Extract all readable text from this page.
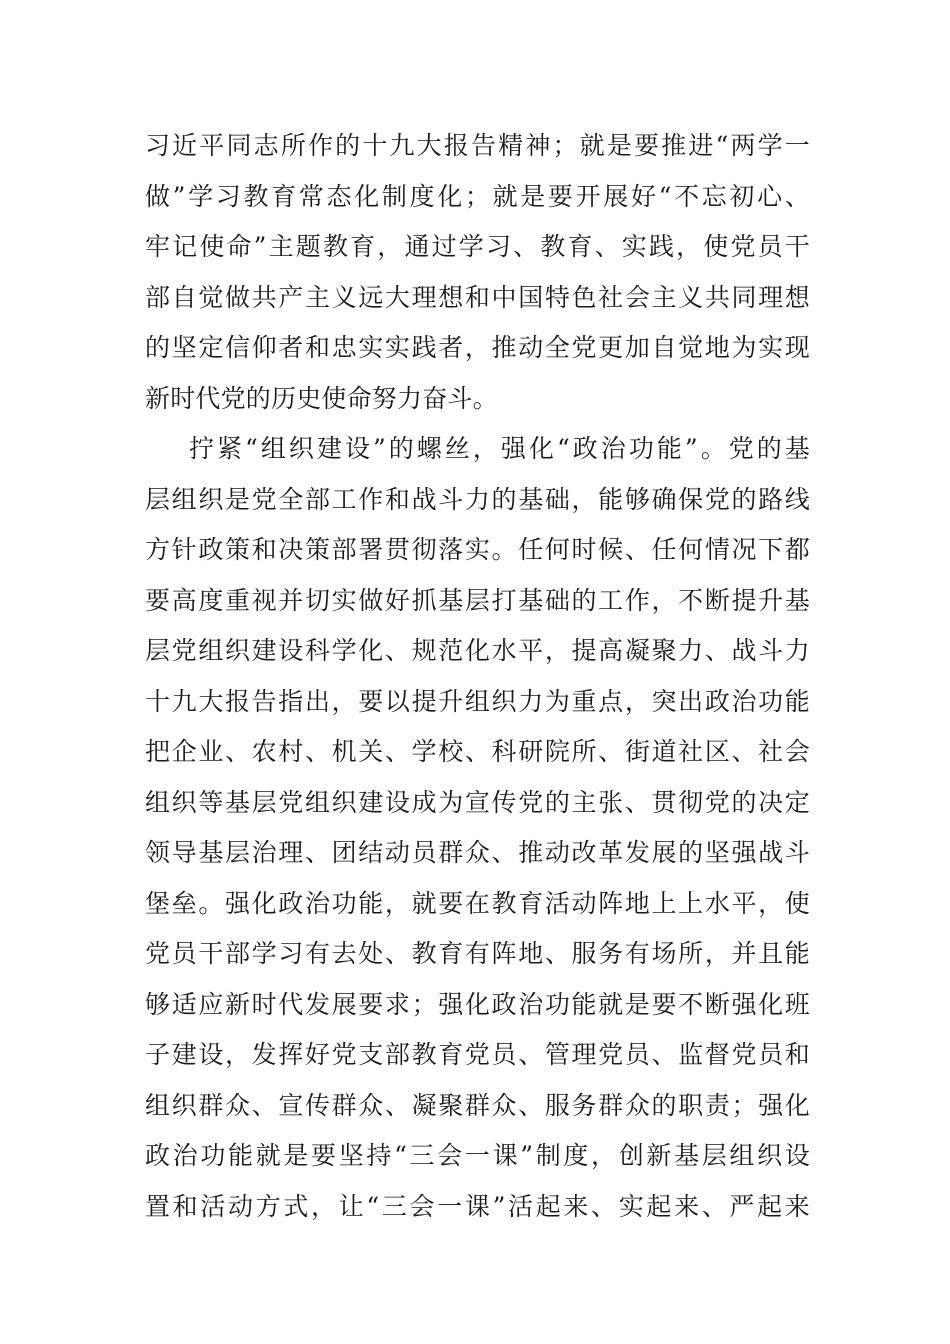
习近平同志所作的十九大报告精神；就是要推进“两学一
做”学习教育常态化制度化；就是要开展好“不忘初心、
牢记使命”主题教育，通过学习、教育、实践，使党员干
部自觉做共产主义远大理想和中国特色社会主义共同理想
的坚定信仰者和忠实实践者，推动全党更加自觉地为实现
新时代党的历史使命努力奋斗。
拧紧“组织建设”的螺丝，强化“政治功能”。党的基
层组织是党全部工作和战斗力的基础，能够确保党的路线
方针政策和决策部署贯彻落实。任何时候、任何情况下都
要高度重视并切实做好抓基层打基础的工作，不断提升基
层党组织建设科学化、规范化水平，提高凝聚力、战斗力
十九大报告指出，要以提升组织力为重点，突出政治功能
把企业、农村、机关、学校、科研院所、街道社区、社会
组织等基层党组织建设成为宣传党的主张、贯彻党的决定
领导基层治理、团结动员群众、推动改革发展的坚强战斗
堡垒。强化政治功能，就要在教育活动阵地上上水平，使
党员干部学习有去处、教育有阵地、服务有场所，并且能
够适应新时代发展要求；强化政治功能就是要不断强化班
子建设，发挥好党支部教育党员、管理党员、监督党员和
组织群众、宣传群众、凝聚群众、服务群众的职责；强化
政治功能就是要坚持“三会一课”制度，创新基层组织设
置和活动方式，让“三会一课”活起来、实起来、严起来
